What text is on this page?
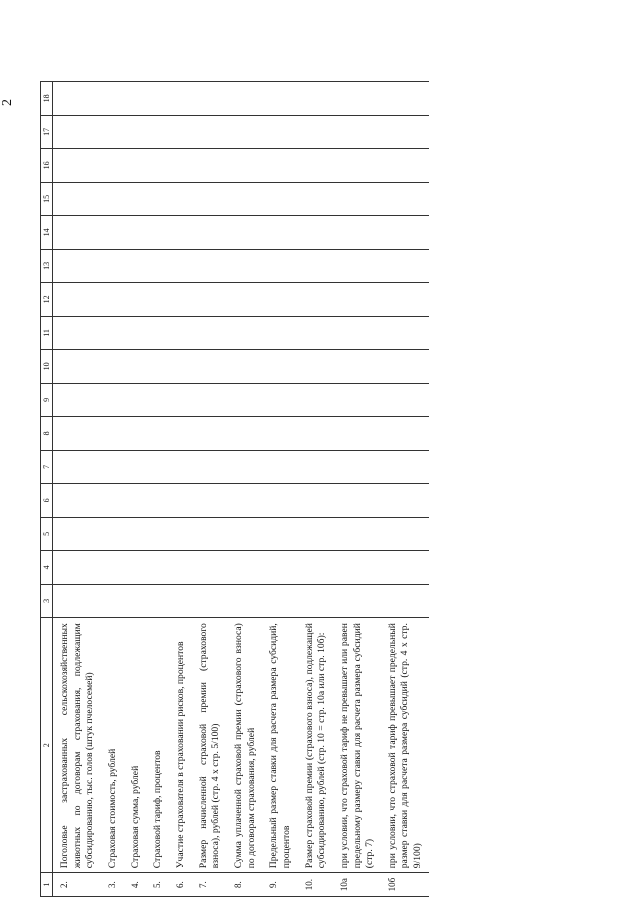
2
1	2	3	4	5	6	7	8	9	10	11	12	13	14	15	16	17	18
2.	Поголовье застрахованных сельскохозяйственных животных по договорам страхования, подлежащим субсидированию, тыс. голов (штук пчелосемей)																
3.	Страховая стоимость, рублей																
4.	Страховая сумма, рублей																
5.	Страховой тариф, процентов																
6.	Участие страхователя в страховании рисков, процентов																
7.	Размер начисленной страховой премии (страхового взноса), рублей (стр. 4 x стр. 5/100)																
8.	Сумма уплаченной страховой премии (страхового взноса) по договорам страхования, рублей																
9.	Предельный размер ставки для расчета размера субсидий, процентов																
10.	Размер страховой премии (страхового взноса), подлежащей субсидированию, рублей (стр. 10 = стр. 10а или стр. 10б):																
10а	при условии, что страховой тариф не превышает или равен предельному размеру ставки для расчета размера субсидий (стр. 7)																
10б	при условии, что страховой тариф превышает предельный размер ставки для расчета размера субсидий (стр. 4 x стр. 9/100)																
